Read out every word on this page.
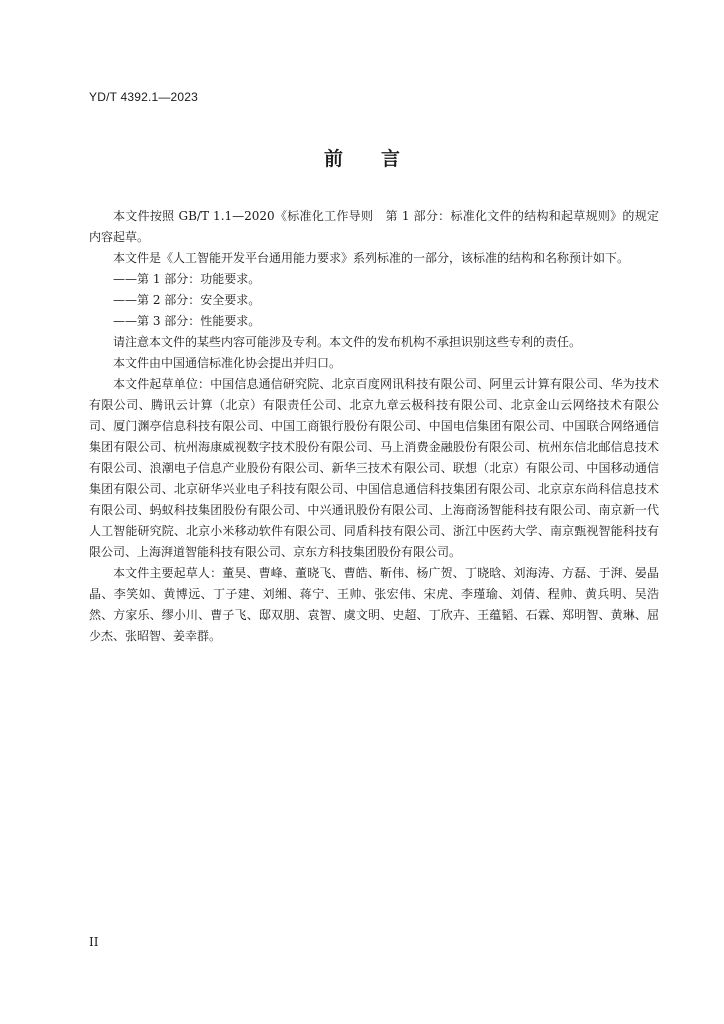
YD/T 4392.1—2023
前 言

本文件按照 GB/T 1.1—2020《标准化工作导则　第 1 部分：标准化文件的结构和起草规则》的规定内容起草。

本文件是《人工智能开发平台通用能力要求》系列标准的一部分，该标准的结构和名称预计如下。

——第 1 部分：功能要求。

——第 2 部分：安全要求。

——第 3 部分：性能要求。

请注意本文件的某些内容可能涉及专利。本文件的发布机构不承担识别这些专利的责任。

本文件由中国通信标准化协会提出并归口。

本文件起草单位：中国信息通信研究院、北京百度网讯科技有限公司、阿里云计算有限公司、华为技术有限公司、腾讯云计算（北京）有限责任公司、北京九章云极科技有限公司、北京金山云网络技术有限公司、厦门渊亭信息科技有限公司、中国工商银行股份有限公司、中国电信集团有限公司、中国联合网络通信集团有限公司、杭州海康威视数字技术股份有限公司、马上消费金融股份有限公司、杭州东信北邮信息技术有限公司、浪潮电子信息产业股份有限公司、新华三技术有限公司、联想（北京）有限公司、中国移动通信集团有限公司、北京研华兴业电子科技有限公司、中国信息通信科技集团有限公司、北京京东尚科信息技术有限公司、蚂蚁科技集团股份有限公司、中兴通讯股份有限公司、上海商汤智能科技有限公司、南京新一代人工智能研究院、北京小米移动软件有限公司、同盾科技有限公司、浙江中医药大学、南京甄视智能科技有限公司、上海湃道智能科技有限公司、京东方科技集团股份有限公司。

本文件主要起草人：董昊、曹峰、董晓飞、曹皓、靳伟、杨广贺、丁晓晗、刘海涛、方磊、于湃、晏晶晶、李笑如、黄博远、丁子建、刘缃、蒋宁、王帅、张宏伟、宋虎、李瑾瑜、刘倩、程帅、黄兵明、吴浩然、方家乐、缪小川、曹子飞、邸双朋、袁智、虞文明、史超、丁欣卉、王蕴韬、石霖、郑明智、黄琳、屈少杰、张昭智、姜幸群。

II
